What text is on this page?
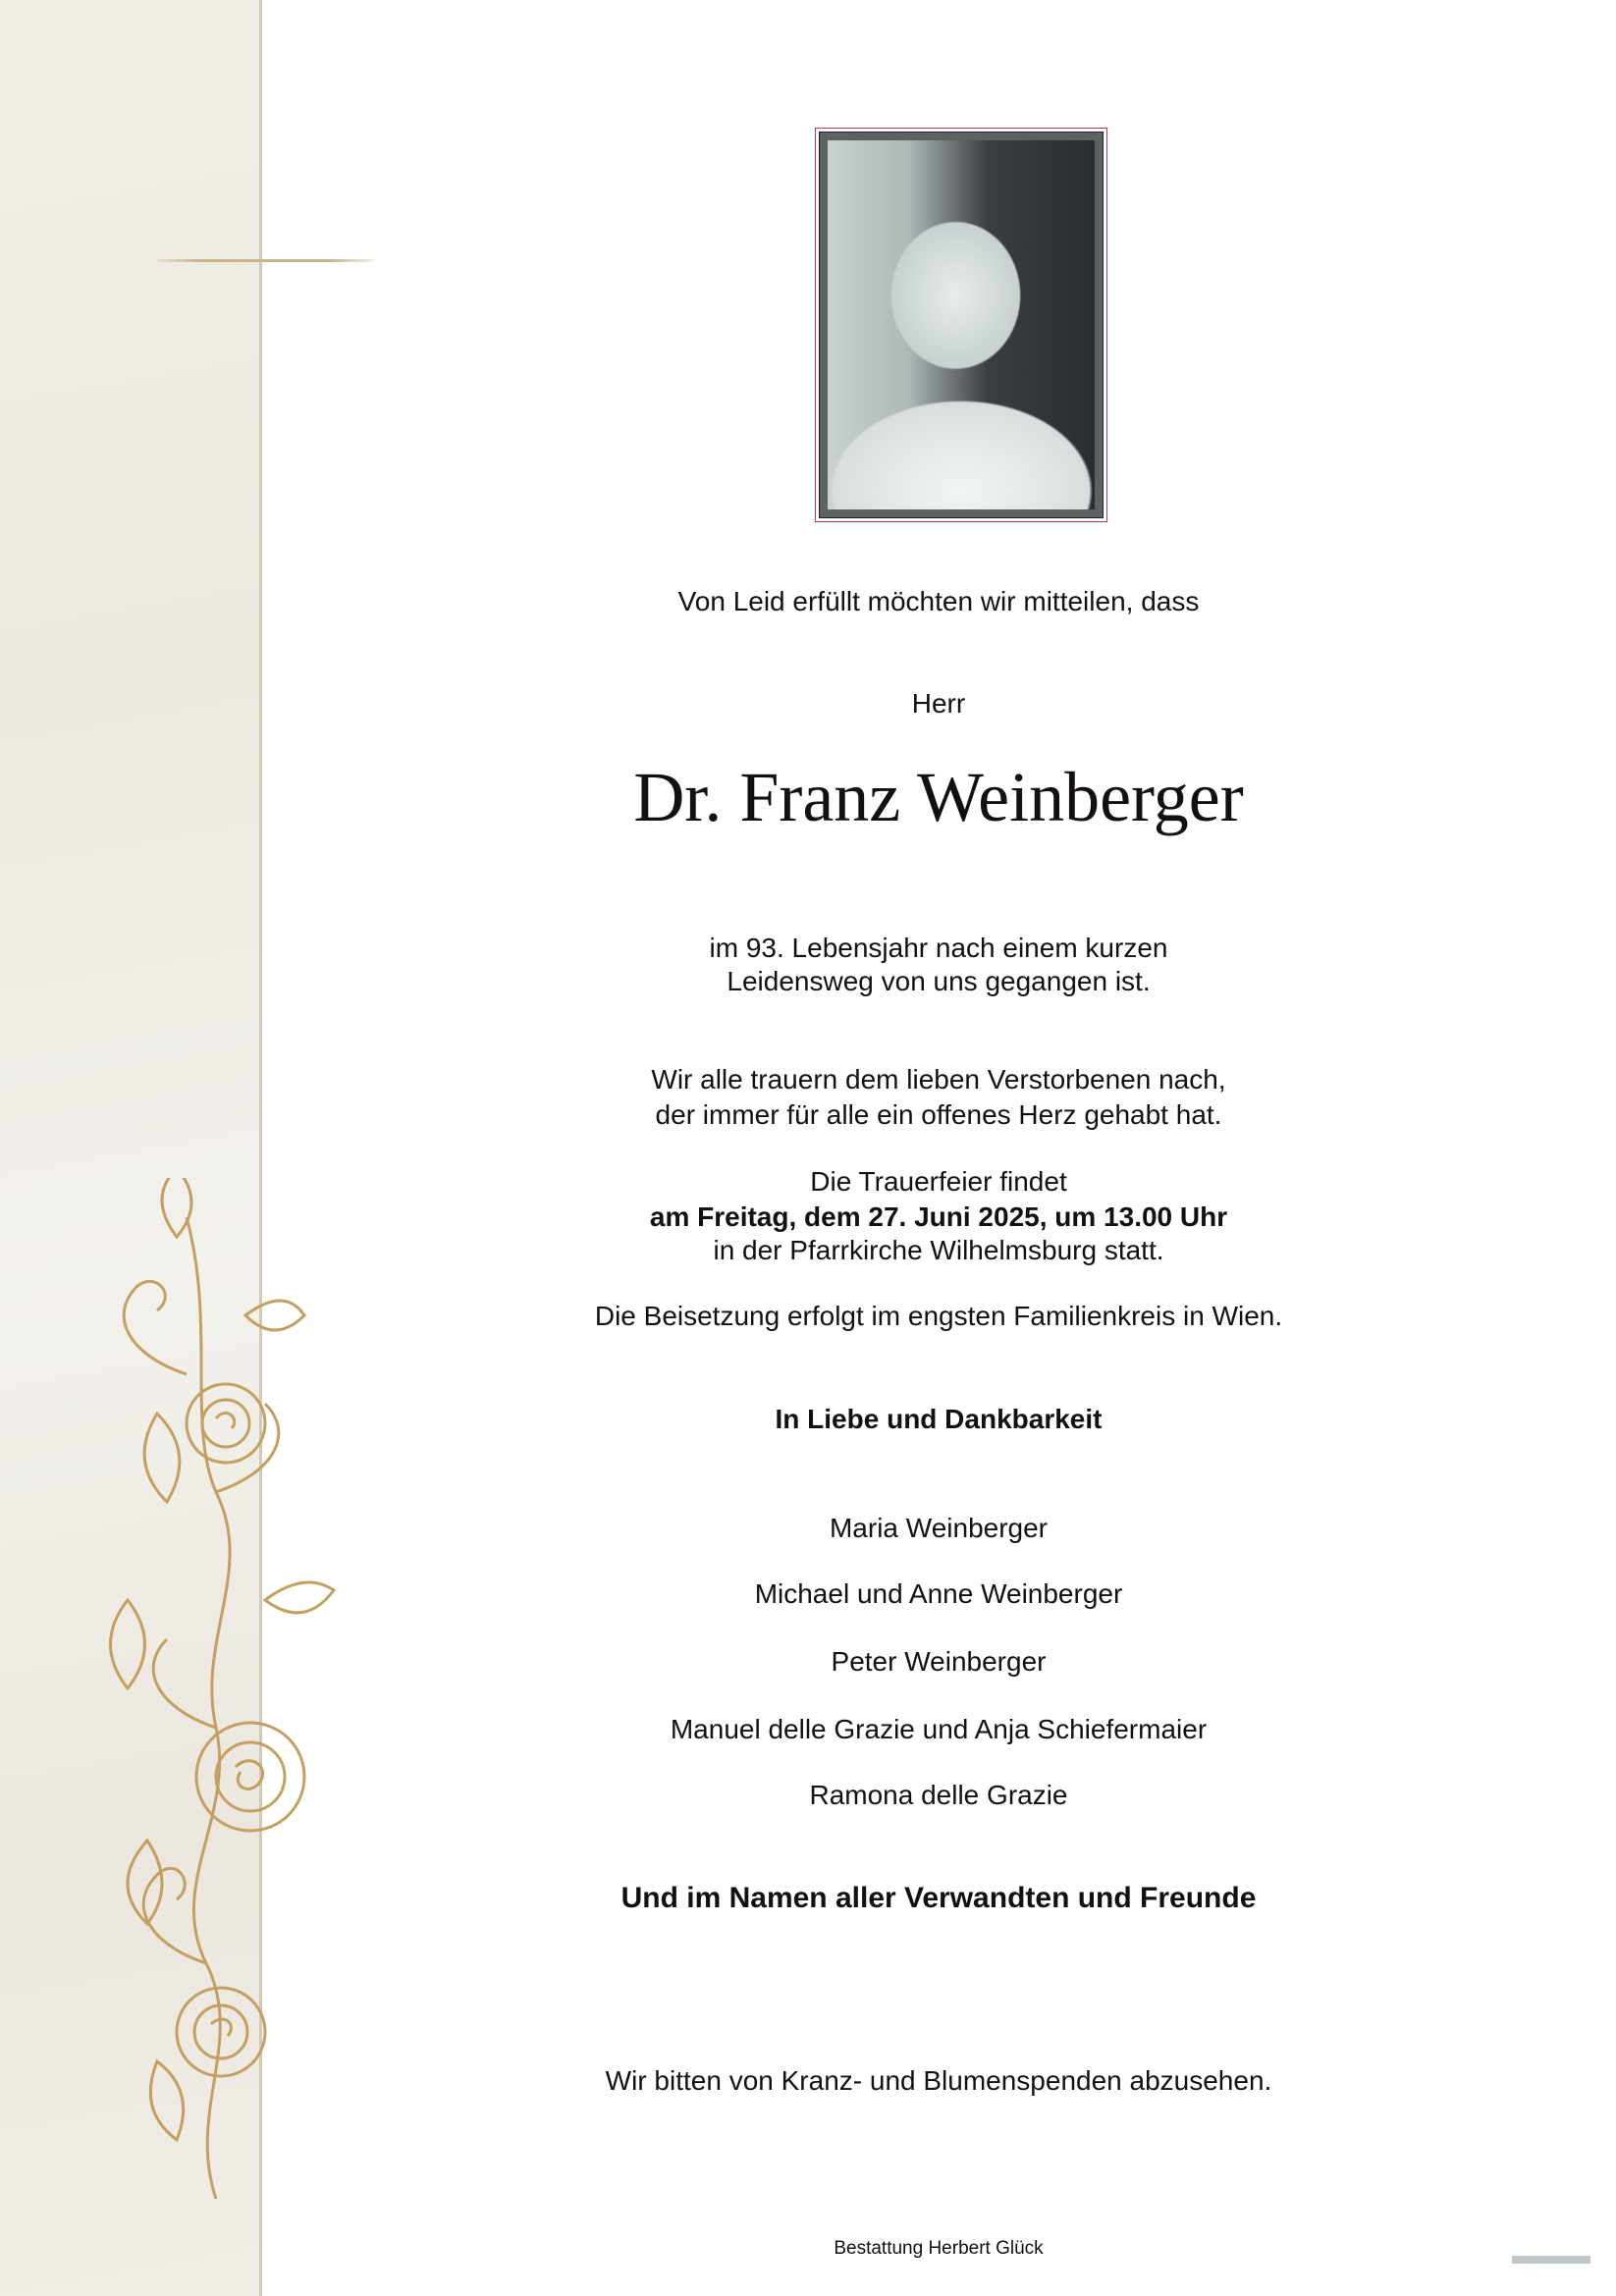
Von Leid erfüllt möchten wir mitteilen, dass
Herr
Dr. Franz Weinberger
im 93. Lebensjahr nach einem kurzen
Leidensweg von uns gegangen ist.
Wir alle trauern dem lieben Verstorbenen nach,
der immer für alle ein offenes Herz gehabt hat.
Die Trauerfeier findet
am Freitag, dem 27. Juni 2025, um 13.00 Uhr
in der Pfarrkirche Wilhelmsburg statt.
Die Beisetzung erfolgt im engsten Familienkreis in Wien.
In Liebe und Dankbarkeit
Maria Weinberger
Michael und Anne Weinberger
Peter Weinberger
Manuel delle Grazie und Anja Schiefermaier
Ramona delle Grazie
Und im Namen aller Verwandten und Freunde
Wir bitten von Kranz- und Blumenspenden abzusehen.
Bestattung Herbert Glück
